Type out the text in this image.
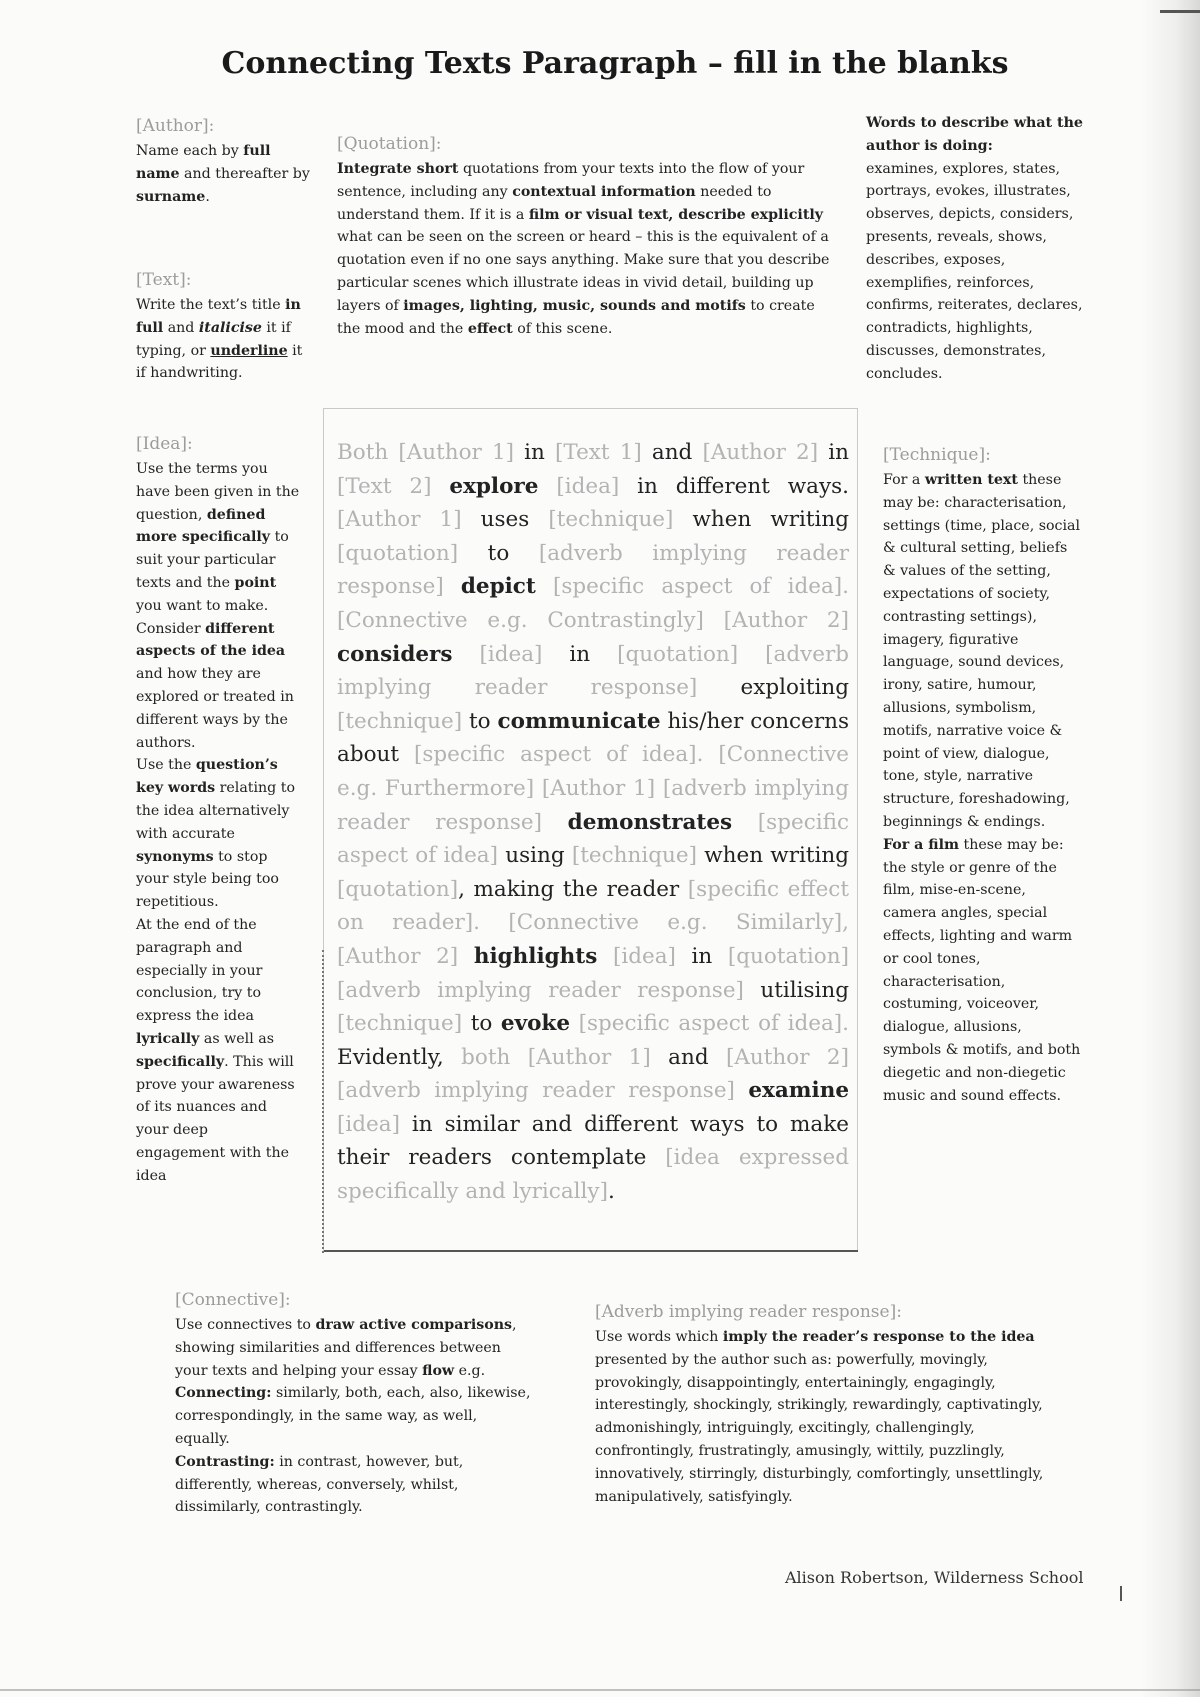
Connecting Texts Paragraph – fill in the blanks
[Author]:
Name each by full name and thereafter by surname.
[Text]:
Write the text’s title in full and italicise it if typing, or underline it if handwriting.
[Idea]:
Use the terms you have been given in the question, defined more specifically to suit your particular texts and the point you want to make.
Consider different aspects of the idea and how they are explored or treated in different ways by the authors.
Use the question’s key words relating to the idea alternatively with accurate synonyms to stop your style being too repetitious.
At the end of the paragraph and especially in your conclusion, try to express the idea lyrically as well as specifically. This will prove your awareness of its nuances and your deep engagement with the idea
[Quotation]:
Integrate short quotations from your texts into the flow of your sentence, including any contextual information needed to understand them. If it is a film or visual text, describe explicitly what can be seen on the screen or heard – this is the equivalent of a quotation even if no one says anything. Make sure that you describe particular scenes which illustrate ideas in vivid detail, building up layers of images, lighting, music, sounds and motifs to create the mood and the effect of this scene.
Words to describe what the author is doing:
examines, explores, states, portrays, evokes, illustrates, observes, depicts, considers, presents, reveals, shows, describes, exposes, exemplifies, reinforces, confirms, reiterates, declares, contradicts, highlights, discusses, demonstrates, concludes.
[Technique]:
For a written text these may be: characterisation, settings (time, place, social & cultural setting, beliefs & values of the setting, expectations of society, contrasting settings), imagery, figurative language, sound devices, irony, satire, humour, allusions, symbolism, motifs, narrative voice & point of view, dialogue, tone, style, narrative structure, foreshadowing, beginnings & endings.
For a film these may be: the style or genre of the film, mise-en-scene, camera angles, special effects, lighting and warm or cool tones, characterisation, costuming, voiceover, dialogue, allusions, symbols & motifs, and both diegetic and non-diegetic music and sound effects.

Both [Author 1] in [Text 1] and [Author 2] in [Text 2] explore [idea] in different ways. [Author 1] uses [technique] when writing [quotation] to [adverb implying reader response] depict [specific aspect of idea]. [Connective e.g. Contrastingly] [Author 2] considers [idea] in [quotation] [adverb implying reader response] exploiting [technique] to communicate his/her concerns about [specific aspect of idea]. [Connective e.g. Furthermore] [Author 1] [adverb implying reader response] demonstrates [specific aspect of idea] using [technique] when writing [quotation], making the reader [specific effect on reader]. [Connective e.g. Similarly], [Author 2] highlights [idea] in [quotation] [adverb implying reader response] utilising [technique] to evoke [specific aspect of idea]. Evidently, both [Author 1] and [Author 2] [adverb implying reader response] examine [idea] in similar and different ways to make their readers contemplate [idea expressed specifically and lyrically].

[Connective]:
Use connectives to draw active comparisons, showing similarities and differences between your texts and helping your essay flow e.g.
Connecting: similarly, both, each, also, likewise, correspondingly, in the same way, as well, equally.
Contrasting: in contrast, however, but, differently, whereas, conversely, whilst, dissimilarly, contrastingly.
[Adverb implying reader response]:
Use words which imply the reader’s response to the idea presented by the author such as: powerfully, movingly, provokingly, disappointingly, entertainingly, engagingly, interestingly, shockingly, strikingly, rewardingly, captivatingly, admonishingly, intriguingly, excitingly, challengingly, confrontingly, frustratingly, amusingly, wittily, puzzlingly, innovatively, stirringly, disturbingly, comfortingly, unsettlingly, manipulatively, satisfyingly.
Alison Robertson, Wilderness School
